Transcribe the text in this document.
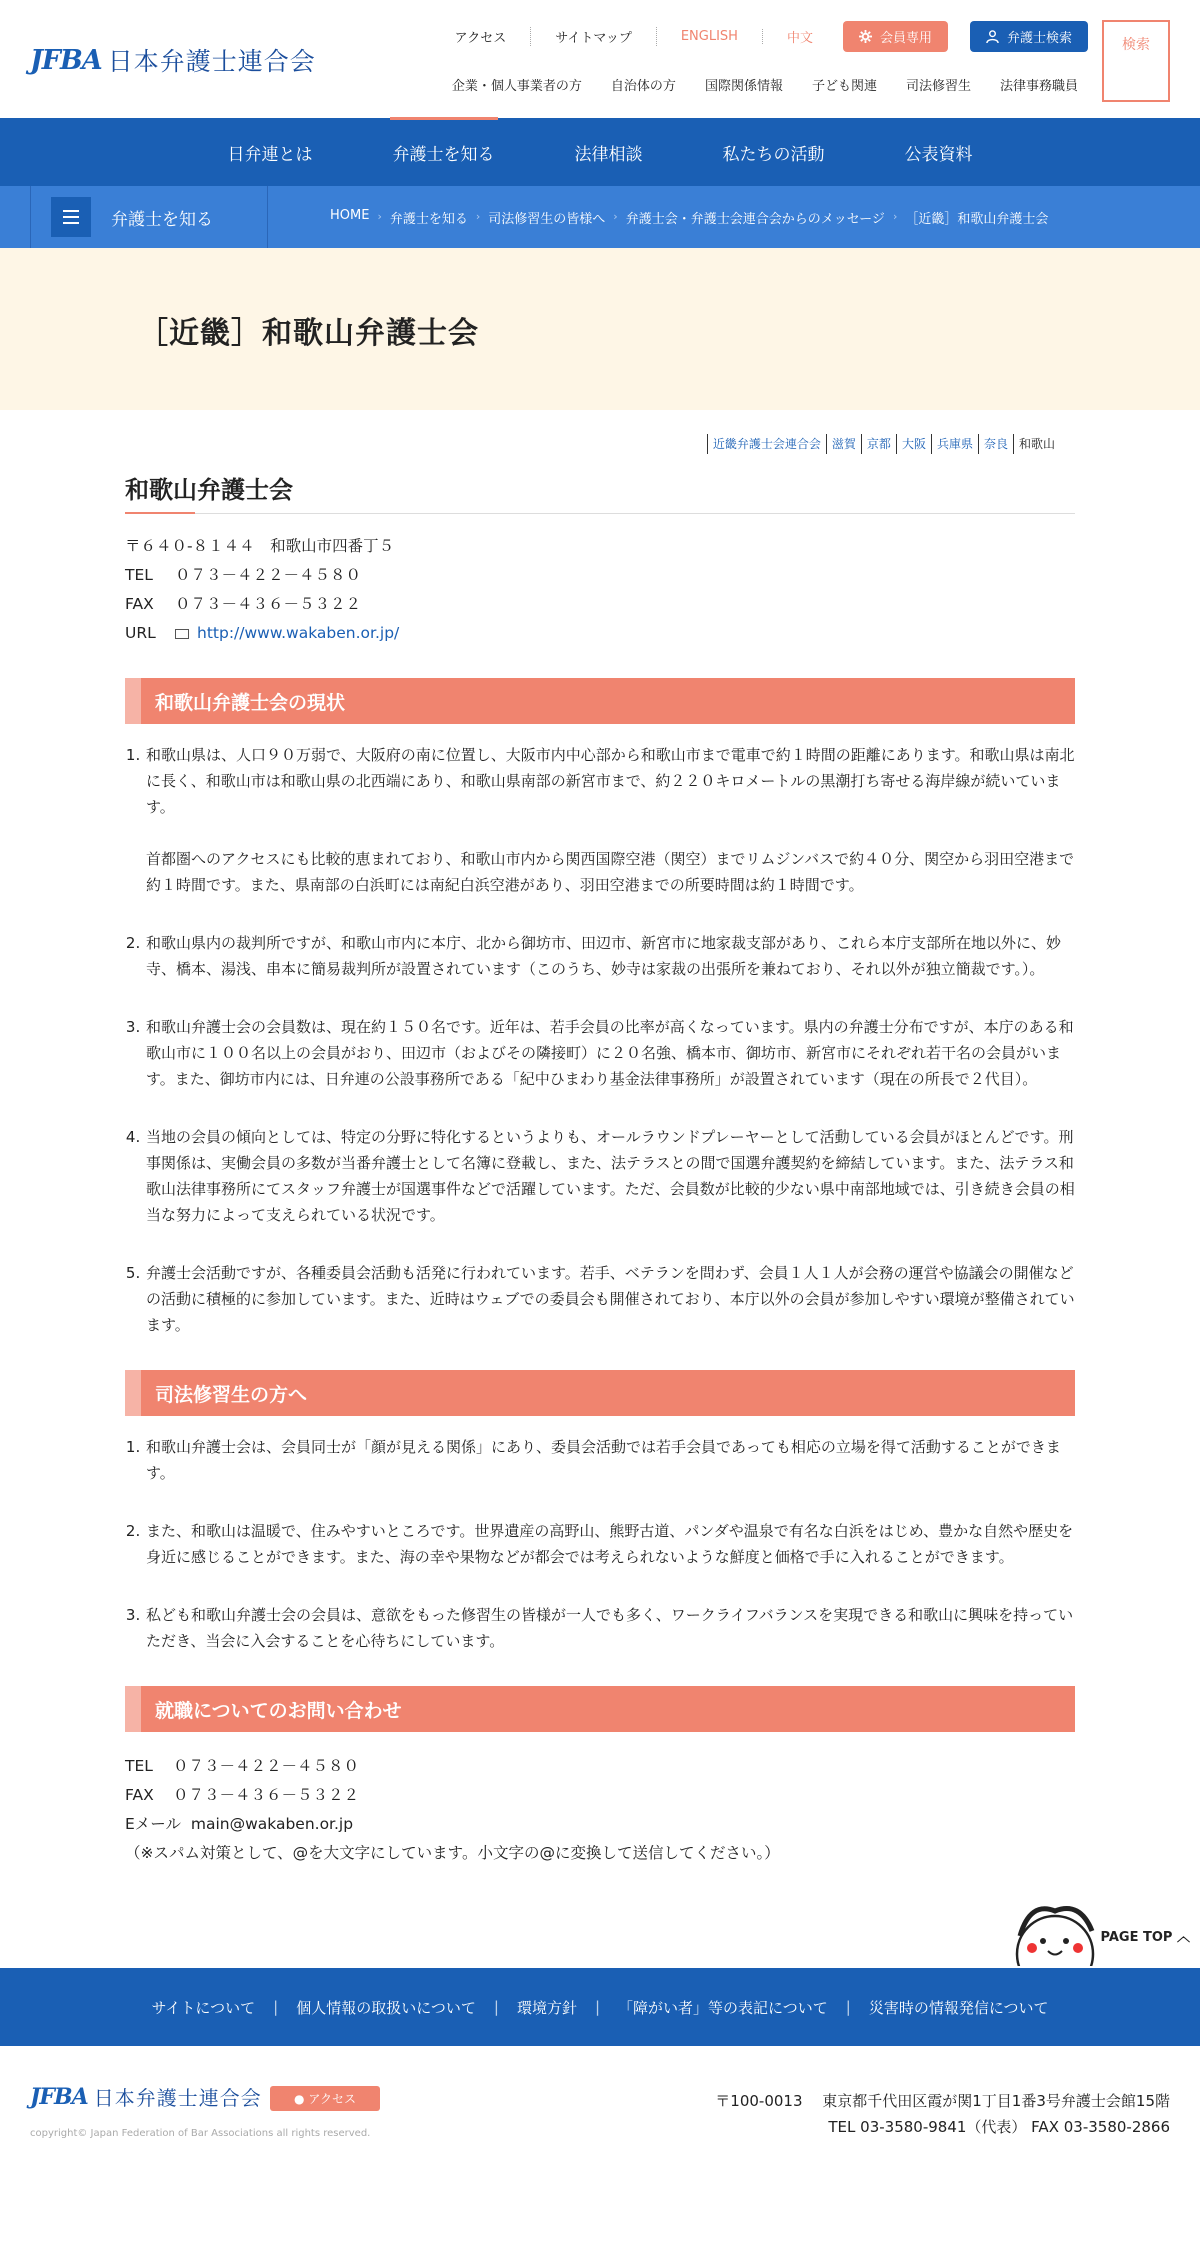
JFBA 日本弁護士連合会
アクセス	サイトマップ	ENGLISH	中文	会員専用	弁護士検索	検索
企業・個人事業者の方 自治体の方 国際関係情報 子ども関連 司法修習生 法律事務職員
日弁連とは	弁護士を知る	法律相談	私たちの活動	公表資料
弁護士を知る	HOME › 弁護士を知る › 司法修習生の皆様へ › 弁護士会・弁護士会連合会からのメッセージ › ［近畿］和歌山弁護士会
［近畿］和歌山弁護士会
近畿弁護士会連合会 滋賀 京都 大阪 兵庫県 奈良 和歌山
和歌山弁護士会
〒６４０-８１４４　和歌山市四番丁５
TEL ０７３－４２２－４５８０
FAX ０７３－４３６－５３２２
URL	http://www.wakaben.or.jp/
和歌山弁護士会の現状

1. 和歌山県は、人口９０万弱で、大阪府の南に位置し、大阪市内中心部から和歌山市まで電車で約１時間の距離にあります。和歌山県は南北に長く、和歌山市は和歌山県の北西端にあり、和歌山県南部の新宮市まで、約２２０キロメートルの黒潮打ち寄せる海岸線が続いています。

首都圏へのアクセスにも比較的恵まれており、和歌山市内から関西国際空港（関空）までリムジンバスで約４０分、関空から羽田空港まで約１時間です。また、県南部の白浜町には南紀白浜空港があり、羽田空港までの所要時間は約１時間です。

2. 和歌山県内の裁判所ですが、和歌山市内に本庁、北から御坊市、田辺市、新宮市に地家裁支部があり、これら本庁支部所在地以外に、妙寺、橋本、湯浅、串本に簡易裁判所が設置されています（このうち、妙寺は家裁の出張所を兼ねており、それ以外が独立簡裁です。）。

3. 和歌山弁護士会の会員数は、現在約１５０名です。近年は、若手会員の比率が高くなっています。県内の弁護士分布ですが、本庁のある和歌山市に１００名以上の会員がおり、田辺市（およびその隣接町）に２０名強、橋本市、御坊市、新宮市にそれぞれ若干名の会員がいます。また、御坊市内には、日弁連の公設事務所である「紀中ひまわり基金法律事務所」が設置されています（現在の所長で２代目）。

4. 当地の会員の傾向としては、特定の分野に特化するというよりも、オールラウンドプレーヤーとして活動している会員がほとんどです。刑事関係は、実働会員の多数が当番弁護士として名簿に登載し、また、法テラスとの間で国選弁護契約を締結しています。また、法テラス和歌山法律事務所にてスタッフ弁護士が国選事件などで活躍しています。ただ、会員数が比較的少ない県中南部地域では、引き続き会員の相当な努力によって支えられている状況です。

5. 弁護士会活動ですが、各種委員会活動も活発に行われています。若手、ベテランを問わず、会員１人１人が会務の運営や協議会の開催などの活動に積極的に参加しています。また、近時はウェブでの委員会も開催されており、本庁以外の会員が参加しやすい環境が整備されています。

司法修習生の方へ
1. 和歌山弁護士会は、会員同士が「顔が見える関係」にあり、委員会活動では若手会員であっても相応の立場を得て活動することができます。
2. また、和歌山は温暖で、住みやすいところです。世界遺産の高野山、熊野古道、パンダや温泉で有名な白浜をはじめ、豊かな自然や歴史を身近に感じることができます。また、海の幸や果物などが都会では考えられないような鮮度と価格で手に入れることができます。
3. 私ども和歌山弁護士会の会員は、意欲をもった修習生の皆様が一人でも多く、ワークライフバランスを実現できる和歌山に興味を持っていただき、当会に入会することを心待ちにしています。
就職についてのお問い合わせ
TEL ０７３－４２２－４５８０
FAX ０７３－４３６－５３２２
Eメール main@wakaben.or.jp
（※スパム対策として、@を大文字にしています。小文字の@に変換して送信してください。）
PAGE TOP ︿
サイトについて | 個人情報の取扱いについて | 環境方針 | 「障がい者」等の表記について | 災害時の情報発信について
JFBA 日本弁護士連合会	● アクセス
copyright© Japan Federation of Bar Associations all rights reserved.
〒100-0013　 東京都千代田区霞が関1丁目1番3号弁護士会館15階
TEL 03-3580-9841（代表） FAX 03-3580-2866
